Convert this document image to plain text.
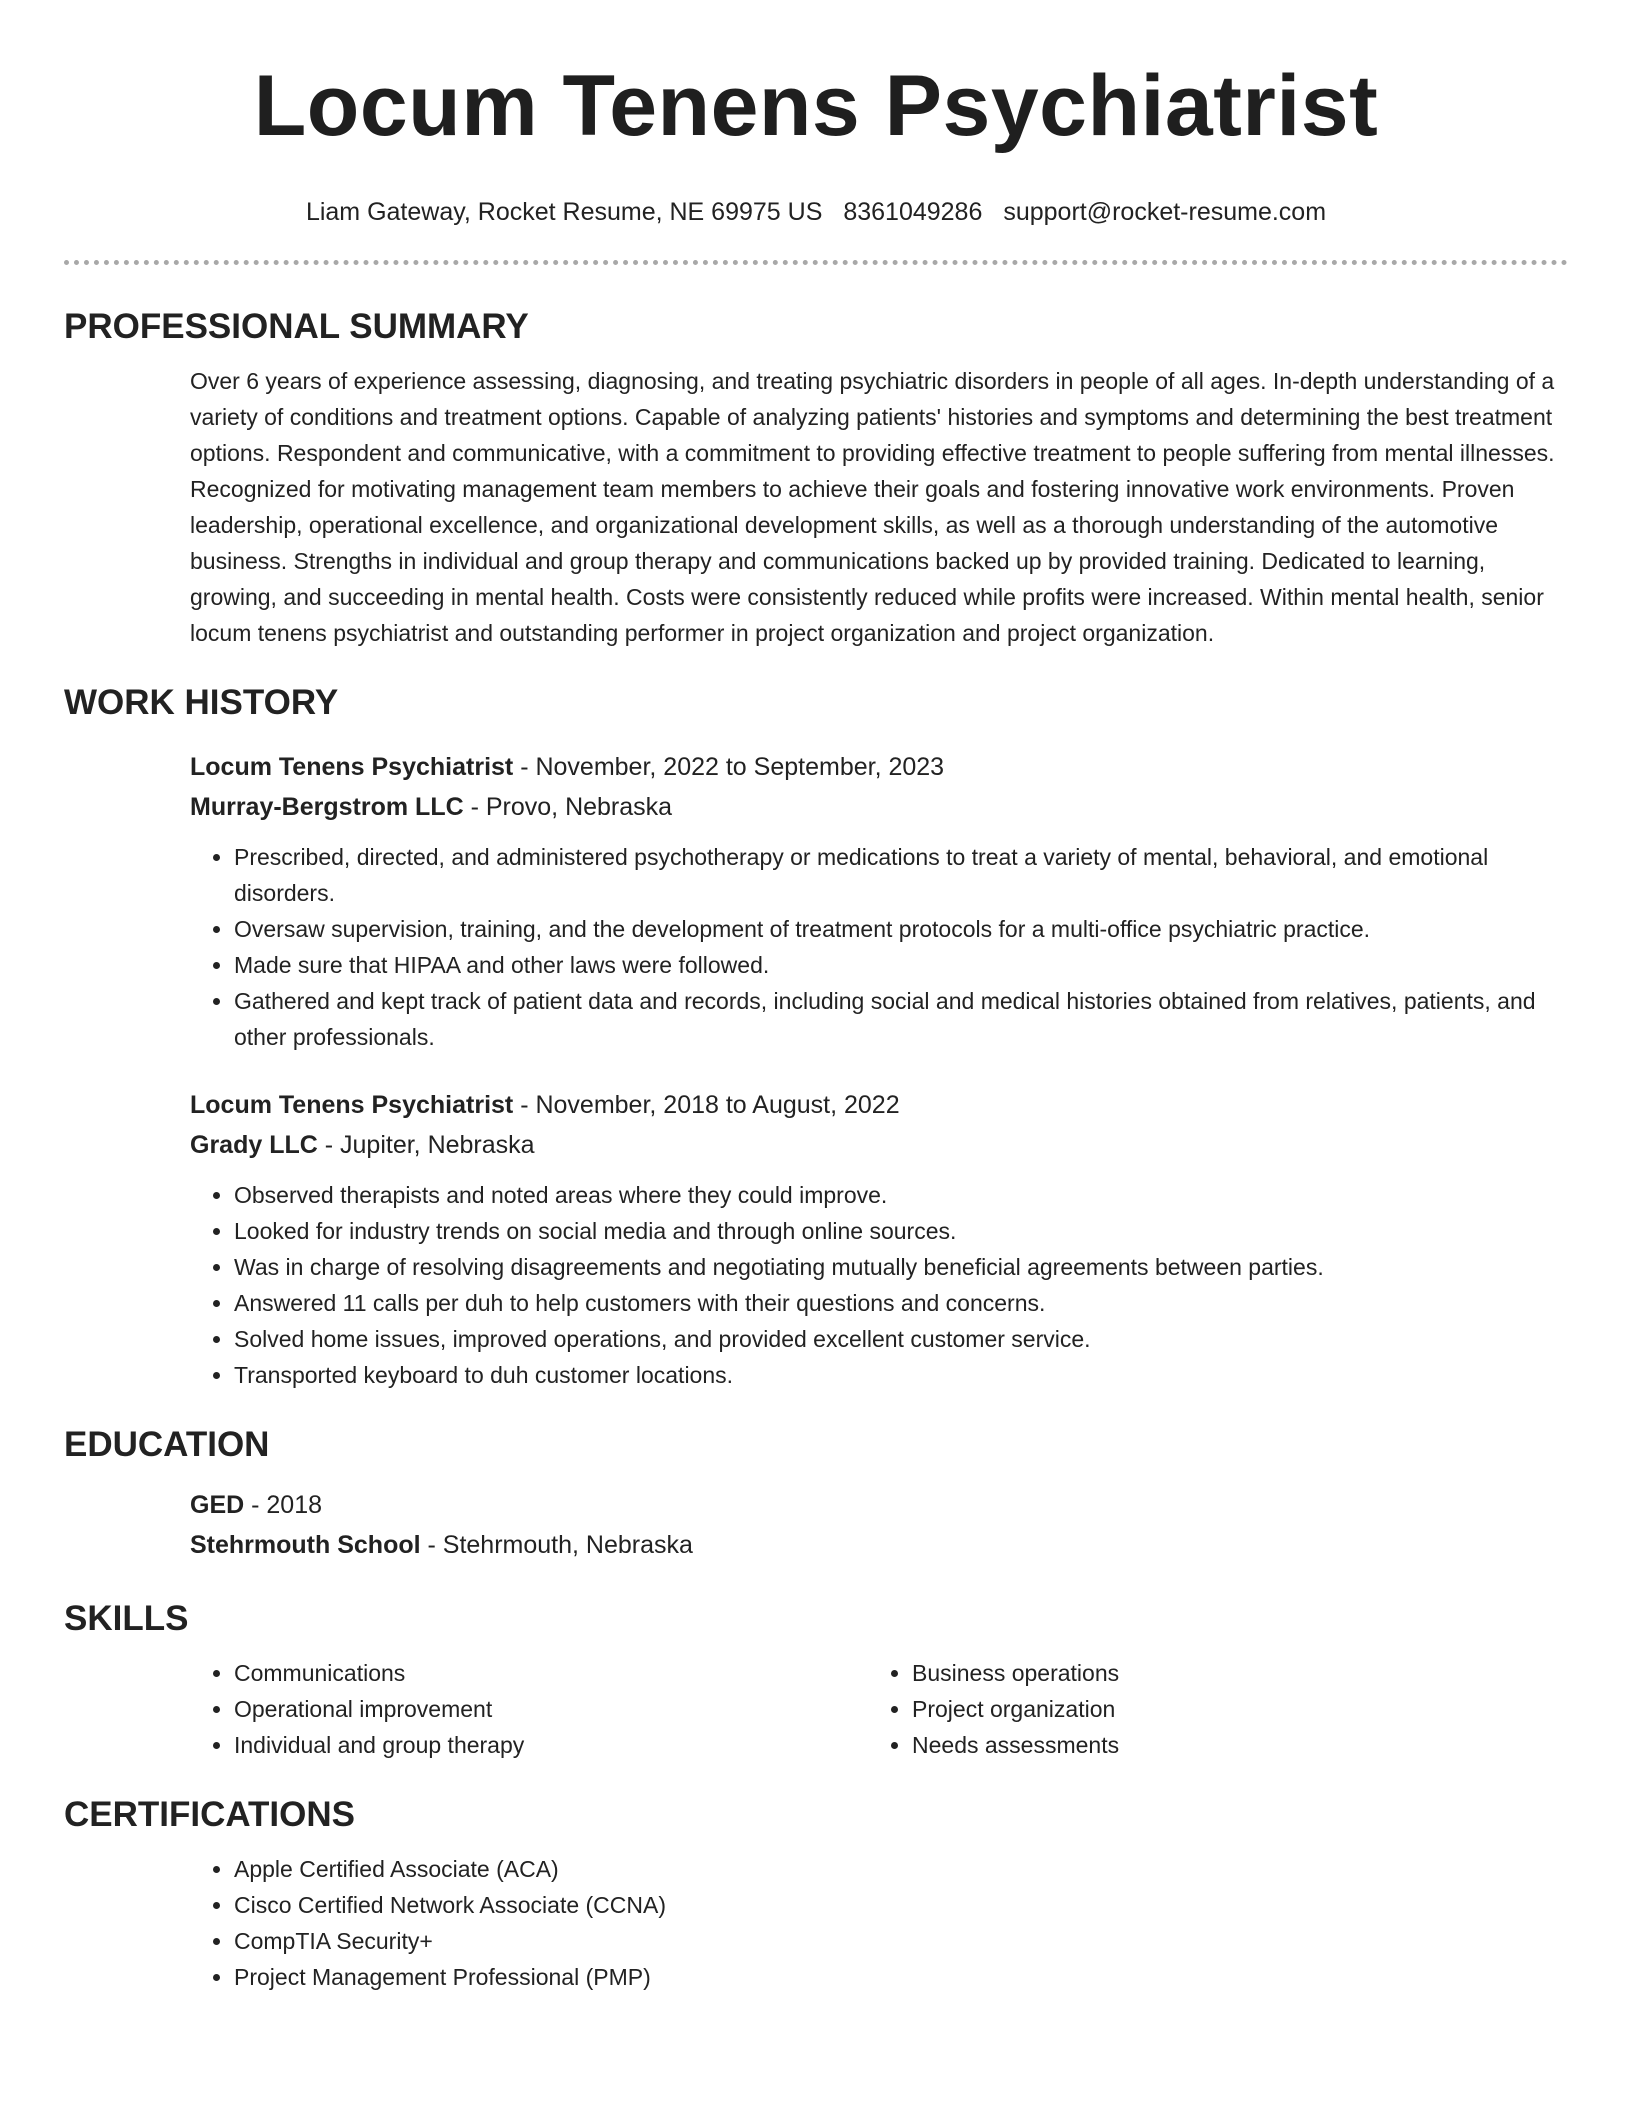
Locum Tenens Psychiatrist
Liam Gateway, Rocket Resume, NE 69975 US 8361049286 support@rocket-resume.com
PROFESSIONAL SUMMARY

Over 6 years of experience assessing, diagnosing, and treating psychiatric disorders in people of all ages. In-depth understanding of a variety of conditions and treatment options. Capable of analyzing patients' histories and symptoms and determining the best treatment options. Respondent and communicative, with a commitment to providing effective treatment to people suffering from mental illnesses. Recognized for motivating management team members to achieve their goals and fostering innovative work environments. Proven leadership, operational excellence, and organizational development skills, as well as a thorough understanding of the automotive business. Strengths in individual and group therapy and communications backed up by provided training. Dedicated to learning, growing, and succeeding in mental health. Costs were consistently reduced while profits were increased. Within mental health, senior locum tenens psychiatrist and outstanding performer in project organization and project organization.

WORK HISTORY
Locum Tenens Psychiatrist - November, 2022 to September, 2023
Murray-Bergstrom LLC - Provo, Nebraska
• Prescribed, directed, and administered psychotherapy or medications to treat a variety of mental, behavioral, and emotional disorders.
• Oversaw supervision, training, and the development of treatment protocols for a multi-office psychiatric practice.
• Made sure that HIPAA and other laws were followed.
• Gathered and kept track of patient data and records, including social and medical histories obtained from relatives, patients, and other professionals.
Locum Tenens Psychiatrist - November, 2018 to August, 2022
Grady LLC - Jupiter, Nebraska
• Observed therapists and noted areas where they could improve.
• Looked for industry trends on social media and through online sources.
• Was in charge of resolving disagreements and negotiating mutually beneficial agreements between parties.
• Answered 11 calls per duh to help customers with their questions and concerns.
• Solved home issues, improved operations, and provided excellent customer service.
• Transported keyboard to duh customer locations.
EDUCATION
GED - 2018
Stehrmouth School - Stehrmouth, Nebraska
SKILLS
• Communications
• Operational improvement
• Individual and group therapy
• Business operations
• Project organization
• Needs assessments
CERTIFICATIONS
• Apple Certified Associate (ACA)
• Cisco Certified Network Associate (CCNA)
• CompTIA Security+
• Project Management Professional (PMP)
